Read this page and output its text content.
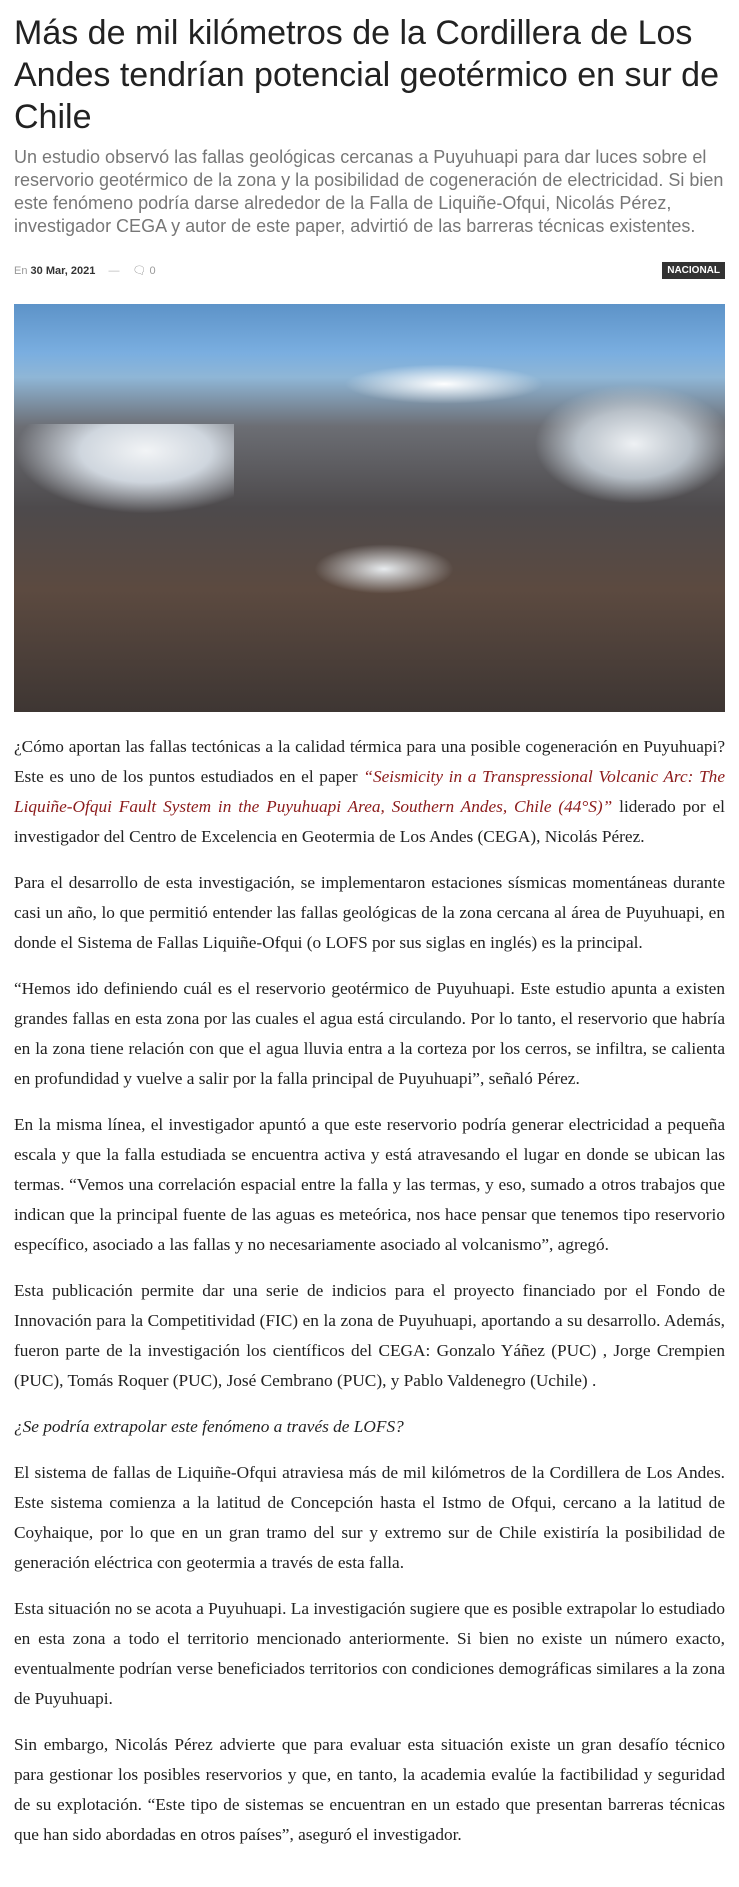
Más de mil kilómetros de la Cordillera de Los Andes tendrían potencial geotérmico en sur de Chile

Un estudio observó las fallas geológicas cercanas a Puyuhuapi para dar luces sobre el reservorio geotérmico de la zona y la posibilidad de cogeneración de electricidad. Si bien este fenómeno podría darse alrededor de la Falla de Liquiñe-Ofqui, Nicolás Pérez, investigador CEGA y autor de este paper, advirtió de las barreras técnicas existentes.

En 30 Mar, 2021 — 🗨 0	NACIONAL

¿Cómo aportan las fallas tectónicas a la calidad térmica para una posible cogeneración en Puyuhuapi? Este es uno de los puntos estudiados en el paper “Seismicity in a Transpressional Volcanic Arc: The Liquiñe-Ofqui Fault System in the Puyuhuapi Area, Southern Andes, Chile (44°S)” liderado por el investigador del Centro de Excelencia en Geotermia de Los Andes (CEGA), Nicolás Pérez.

Para el desarrollo de esta investigación, se implementaron estaciones sísmicas momentáneas durante casi un año, lo que permitió entender las fallas geológicas de la zona cercana al área de Puyuhuapi, en donde el Sistema de Fallas Liquiñe-Ofqui (o LOFS por sus siglas en inglés) es la principal.

“Hemos ido definiendo cuál es el reservorio geotérmico de Puyuhuapi. Este estudio apunta a existen grandes fallas en esta zona por las cuales el agua está circulando. Por lo tanto, el reservorio que habría en la zona tiene relación con que el agua lluvia entra a la corteza por los cerros, se infiltra, se calienta en profundidad y vuelve a salir por la falla principal de Puyuhuapi”, señaló Pérez.

En la misma línea, el investigador apuntó a que este reservorio podría generar electricidad a pequeña escala y que la falla estudiada se encuentra activa y está atravesando el lugar en donde se ubican las termas. “Vemos una correlación espacial entre la falla y las termas, y eso, sumado a otros trabajos que indican que la principal fuente de las aguas es meteórica, nos hace pensar que tenemos tipo reservorio específico, asociado a las fallas y no necesariamente asociado al volcanismo”, agregó.

Esta publicación permite dar una serie de indicios para el proyecto financiado por el Fondo de Innovación para la Competitividad (FIC) en la zona de Puyuhuapi, aportando a su desarrollo. Además, fueron parte de la investigación los científicos del CEGA: Gonzalo Yáñez (PUC) , Jorge Crempien (PUC), Tomás Roquer (PUC), José Cembrano (PUC), y Pablo Valdenegro (Uchile) .

¿Se podría extrapolar este fenómeno a través de LOFS?

El sistema de fallas de Liquiñe-Ofqui atraviesa más de mil kilómetros de la Cordillera de Los Andes. Este sistema comienza a la latitud de Concepción hasta el Istmo de Ofqui, cercano a la latitud de Coyhaique, por lo que en un gran tramo del sur y extremo sur de Chile existiría la posibilidad de generación eléctrica con geotermia a través de esta falla.

Esta situación no se acota a Puyuhuapi. La investigación sugiere que es posible extrapolar lo estudiado en esta zona a todo el territorio mencionado anteriormente. Si bien no existe un número exacto, eventualmente podrían verse beneficiados territorios con condiciones demográficas similares a la zona de Puyuhuapi.

Sin embargo, Nicolás Pérez advierte que para evaluar esta situación existe un gran desafío técnico para gestionar los posibles reservorios y que, en tanto, la academia evalúe la factibilidad y seguridad de su explotación. “Este tipo de sistemas se encuentran en un estado que presentan barreras técnicas que han sido abordadas en otros países”, aseguró el investigador.
